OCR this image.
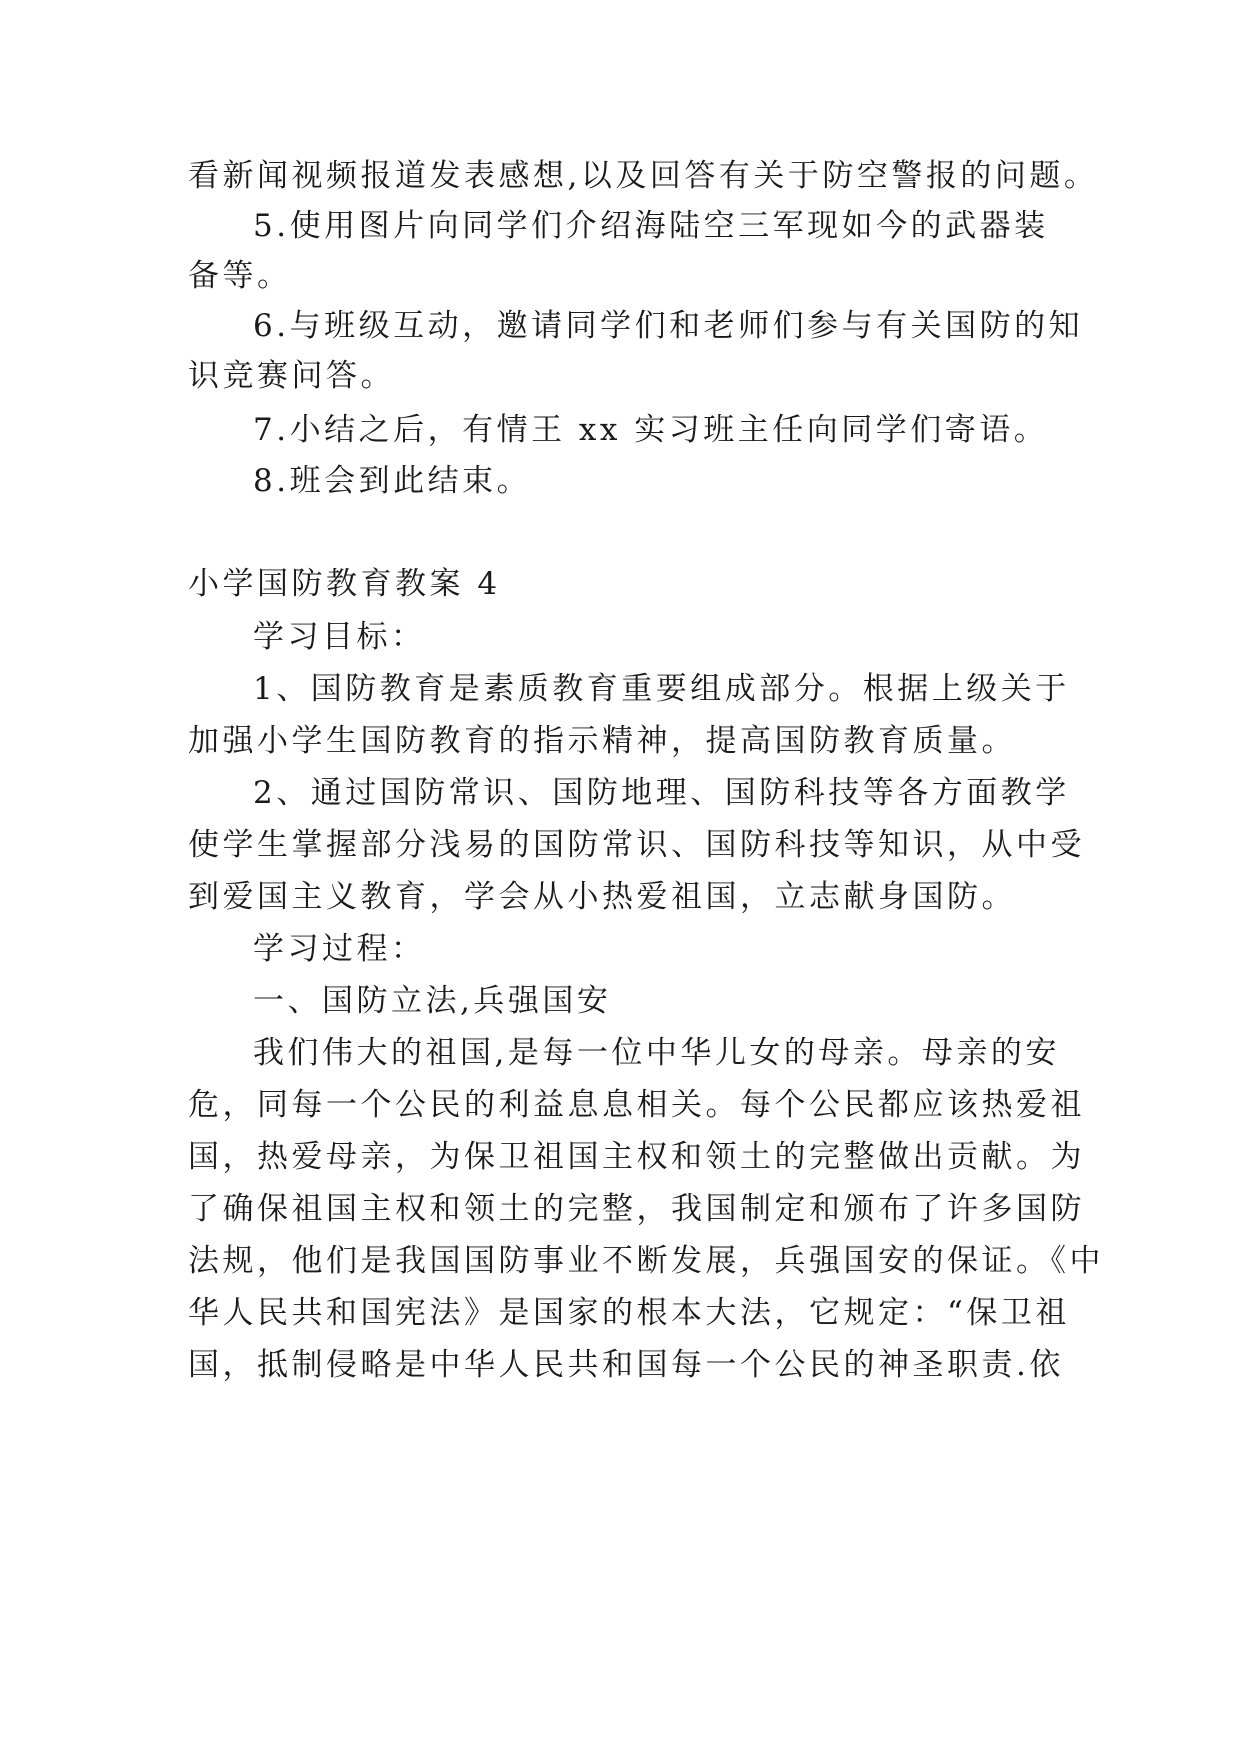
看新闻视频报道发表感想,以及回答有关于防空警报的问题。
5.使用图片向同学们介绍海陆空三军现如今的武器装
备等。
6.与班级互动，邀请同学们和老师们参与有关国防的知
识竞赛问答。
7.小结之后，有情王 xx 实习班主任向同学们寄语。
8.班会到此结束。
小学国防教育教案 4
学习目标：
1、国防教育是素质教育重要组成部分。根据上级关于
加强小学生国防教育的指示精神，提高国防教育质量。
2、通过国防常识、国防地理、国防科技等各方面教学
使学生掌握部分浅易的国防常识、国防科技等知识，从中受
到爱国主义教育，学会从小热爱祖国，立志献身国防。
学习过程：
一、国防立法,兵强国安
我们伟大的祖国,是每一位中华儿女的母亲。母亲的安
危，同每一个公民的利益息息相关。每个公民都应该热爱祖
国，热爱母亲，为保卫祖国主权和领土的完整做出贡献。为
了确保祖国主权和领土的完整，我国制定和颁布了许多国防
法规，他们是我国国防事业不断发展，兵强国安的保证。《中
华人民共和国宪法》是国家的根本大法，它规定：“保卫祖
国，抵制侵略是中华人民共和国每一个公民的神圣职责.依
